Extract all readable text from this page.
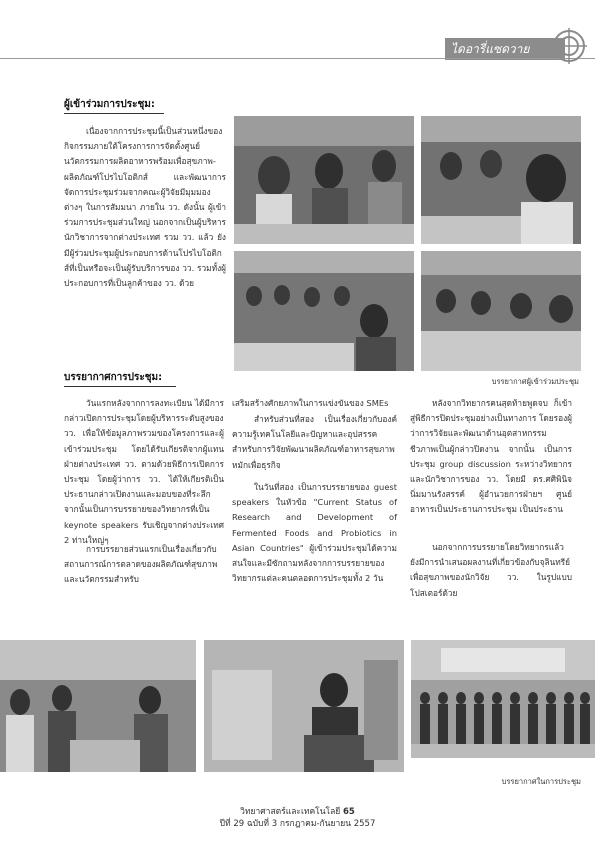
ไดอารี่แซดวาย
ผู้เข้าร่วมการประชุม:

เนื่องจากการประชุมนี้เป็นส่วนหนึ่งของกิจกรรมภายใต้โครงการการจัดตั้งศูนย์นวัตกรรมการผลิตอาหารพร้อมเพื่อสุขภาพ-ผลิตภัณฑ์โปรไบโอติกส์ และพัฒนาการจัดการประชุมร่วมจากคณะผู้วิจัยมีมุมมองต่างๆ ในการสัมมนา ภายใน วว. ดังนั้น ผู้เข้าร่วมการประชุมส่วนใหญ่ นอกจากเป็นผู้บริหาร นักวิชาการจากต่างประเทศ รวม วว. แล้ว ยังมีผู้ร่วมประชุมผู้ประกอบการด้านโปรไบโอติกส์ที่เป็นหรือจะเป็นผู้รับบริการของ วว. รวมทั้งผู้ประกอบการที่เป็นลูกค้าของ วว. ด้วย

บรรยากาศผู้เข้าร่วมประชุม
บรรยากาศการประชุม:

วันแรกหลังจากการลงทะเบียน ได้มีการกล่าวเปิดการประชุมโดยผู้บริหารระดับสูงของ วว. เพื่อให้ข้อมูลภาพรวมของโครงการและผู้เข้าร่วมประชุม โดยได้รับเกียรติจากผู้แทนฝ่ายต่างประเทศ วว. ตามด้วยพิธีการเปิดการประชุม โดยผู้ว่าการ วว. ได้ให้เกียรติเป็นประธานกล่าวเปิดงานและมอบของที่ระลึก จากนั้นเป็นการบรรยายของวิทยากรที่เป็น keynote speakers รับเชิญจากต่างประเทศ 2 ท่านใหญ่ๆ

การบรรยายส่วนแรกเป็นเรื่องเกี่ยวกับสถานการณ์การตลาดของผลิตภัณฑ์สุขภาพ และนวัตกรรมสำหรับ

เสริมสร้างศักยภาพในการแข่งขันของ SMEs

สำหรับส่วนที่สอง เป็นเรื่องเกี่ยวกับองค์ความรู้เทคโนโลยีและปัญหาและอุปสรรคสำหรับการวิจัยพัฒนาผลิตภัณฑ์อาหารสุขภาพหมักเพื่อธุรกิจ

ในวันที่สอง เป็นการบรรยายของ guest speakers ในหัวข้อ "Current Status of Research and Development of Fermented Foods and Probiotics in Asian Countries" ผู้เข้าร่วมประชุมได้ความสนใจและมีซักถามหลังจากการบรรยายของวิทยากรแต่ละคนตลอดการประชุมทั้ง 2 วัน

หลังจากวิทยากรคนสุดท้ายพูดจบ ก็เข้าสู่พิธีการปิดประชุมอย่างเป็นทางการ โดยรองผู้ว่าการวิจัยและพัฒนาด้านอุตสาหกรรมชีวภาพเป็นผู้กล่าวปิดงาน จากนั้น เป็นการประชุม group discussion ระหว่างวิทยากรและนักวิชาการของ วว. โดยมี ดร.ศศิพินิจ นิ่มมานรังสรรค์ ผู้อำนวยการฝ่ายฯ ศูนย์อาหารเป็นประธานการประชุม เป็นประธาน

นอกจากการบรรยายโดยวิทยากรแล้ว ยังมีการนำเสนอผลงานที่เกี่ยวข้องกับจุลินทรีย์ เพื่อสุขภาพของนักวิจัย วว. ในรูปแบบโปสเตอร์ด้วย

บรรยากาศในการประชุม
วิทยาศาสตร์และเทคโนโลยี 65
ปีที่ 29 ฉบับที่ 3 กรกฎาคม-กันยายน 2557
